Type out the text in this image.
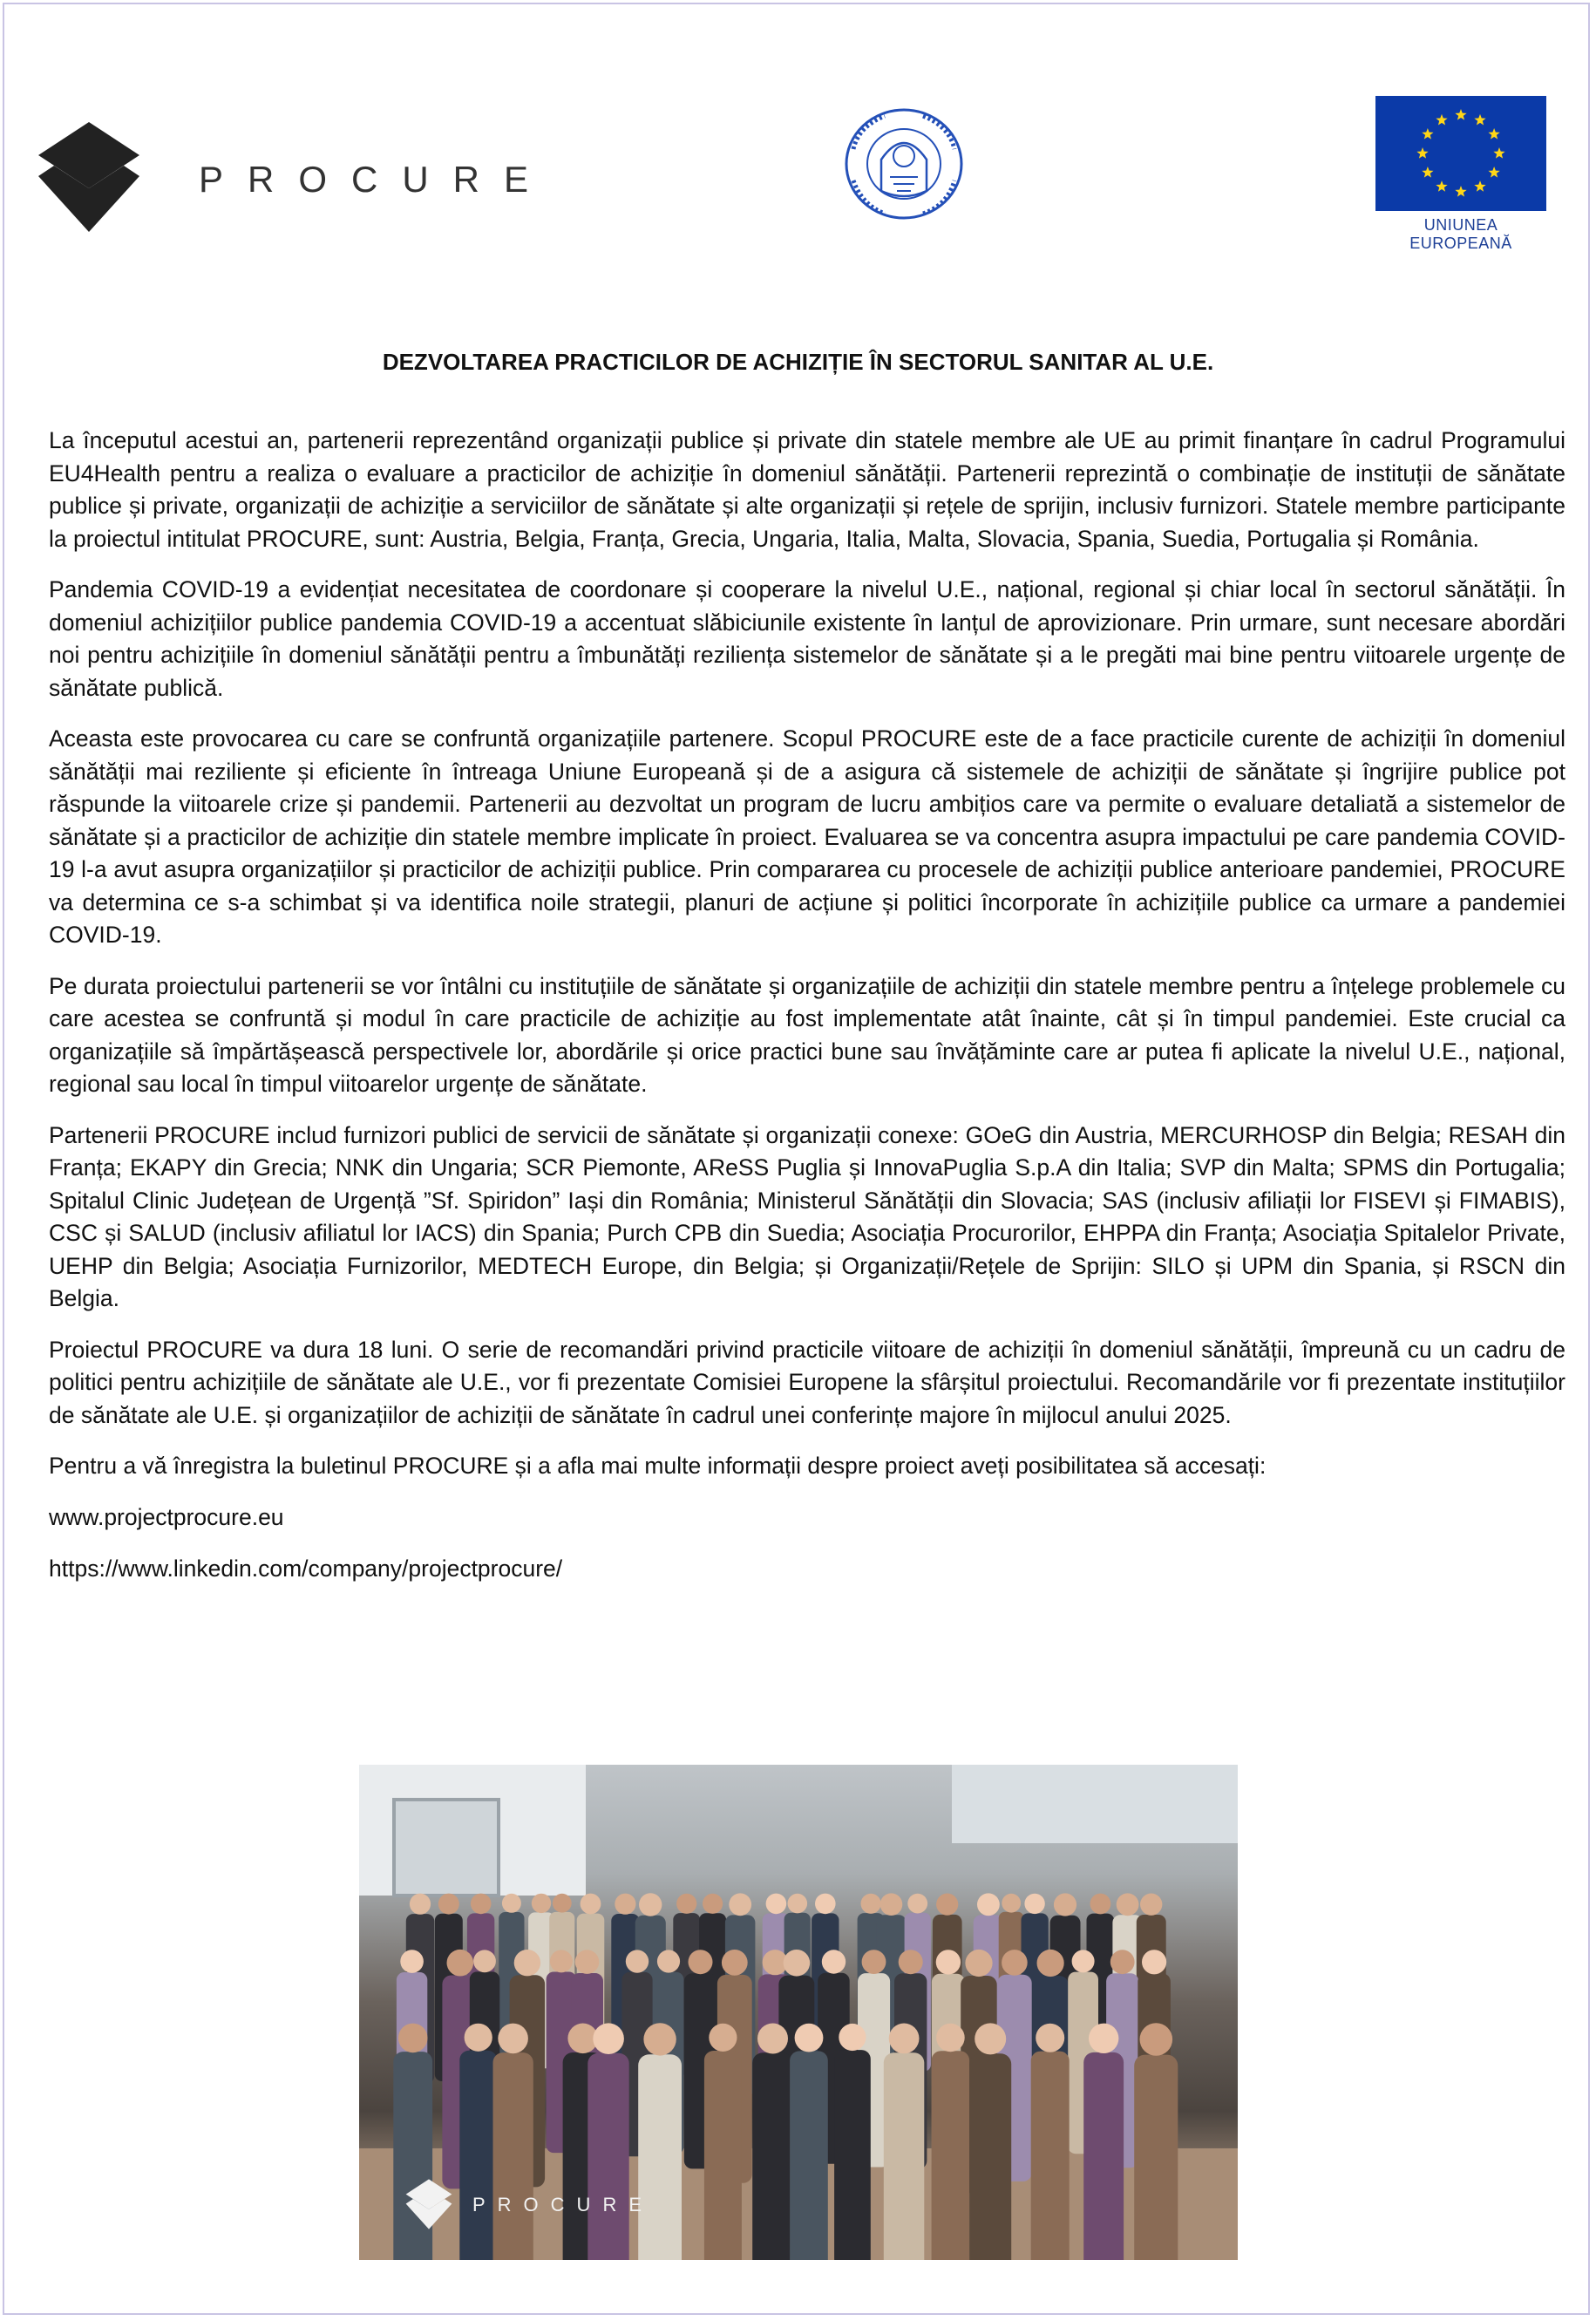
PROCURE
UNIUNEA EUROPEANĂ
DEZVOLTAREA PRACTICILOR DE ACHIZIȚIE ÎN SECTORUL SANITAR AL U.E.

La începutul acestui an, partenerii reprezentând organizații publice și private din statele membre ale UE au primit finanțare în cadrul Programului EU4Health pentru a realiza o evaluare a practicilor de achiziție în domeniul sănătății. Partenerii reprezintă o combinație de instituții de sănătate publice și private, organizații de achiziție a serviciilor de sănătate și alte organizații și rețele de sprijin, inclusiv furnizori. Statele membre participante la proiectul intitulat PROCURE, sunt: Austria, Belgia, Franța, Grecia, Ungaria, Italia, Malta, Slovacia, Spania, Suedia, Portugalia și România.

Pandemia COVID-19 a evidențiat necesitatea de coordonare și cooperare la nivelul U.E., național, regional și chiar local în sectorul sănătății. În domeniul achizițiilor publice pandemia COVID-19 a accentuat slăbiciunile existente în lanțul de aprovizionare. Prin urmare, sunt necesare abordări noi pentru achizițiile în domeniul sănătății pentru a îmbunătăți reziliența sistemelor de sănătate și a le pregăti mai bine pentru viitoarele urgențe de sănătate publică.

Aceasta este provocarea cu care se confruntă organizațiile partenere. Scopul PROCURE este de a face practicile curente de achiziții în domeniul sănătății mai reziliente și eficiente în întreaga Uniune Europeană și de a asigura că sistemele de achiziții de sănătate și îngrijire publice pot răspunde la viitoarele crize și pandemii. Partenerii au dezvoltat un program de lucru ambițios care va permite o evaluare detaliată a sistemelor de sănătate și a practicilor de achiziție din statele membre implicate în proiect. Evaluarea se va concentra asupra impactului pe care pandemia COVID-19 l-a avut asupra organizațiilor și practicilor de achiziții publice. Prin compararea cu procesele de achiziții publice anterioare pandemiei, PROCURE va determina ce s-a schimbat și va identifica noile strategii, planuri de acțiune și politici încorporate în achizițiile publice ca urmare a pandemiei COVID-19.

Pe durata proiectului partenerii se vor întâlni cu instituțiile de sănătate și organizațiile de achiziții din statele membre pentru a înțelege problemele cu care acestea se confruntă și modul în care practicile de achiziție au fost implementate atât înainte, cât și în timpul pandemiei. Este crucial ca organizațiile să împărtășească perspectivele lor, abordările și orice practici bune sau învățăminte care ar putea fi aplicate la nivelul U.E., național, regional sau local în timpul viitoarelor urgențe de sănătate.

Partenerii PROCURE includ furnizori publici de servicii de sănătate și organizații conexe: GOeG din Austria, MERCURHOSP din Belgia; RESAH din Franța; EKAPY din Grecia; NNK din Ungaria; SCR Piemonte, AReSS Puglia și InnovaPuglia S.p.A din Italia; SVP din Malta; SPMS din Portugalia; Spitalul Clinic Județean de Urgență ”Sf. Spiridon” Iași din România; Ministerul Sănătății din Slovacia; SAS (inclusiv afiliații lor FISEVI și FIMABIS), CSC și SALUD (inclusiv afiliatul lor IACS) din Spania; Purch CPB din Suedia; Asociația Procurorilor, EHPPA din Franța; Asociația Spitalelor Private, UEHP din Belgia; Asociația Furnizorilor, MEDTECH Europe, din Belgia; și Organizații/Rețele de Sprijin: SILO și UPM din Spania, și RSCN din Belgia.

Proiectul PROCURE va dura 18 luni. O serie de recomandări privind practicile viitoare de achiziții în domeniul sănătății, împreună cu un cadru de politici pentru achizițiile de sănătate ale U.E., vor fi prezentate Comisiei Europene la sfârșitul proiectului. Recomandările vor fi prezentate instituțiilor de sănătate ale U.E. și organizațiilor de achiziții de sănătate în cadrul unei conferințe majore în mijlocul anului 2025.

Pentru a vă înregistra la buletinul PROCURE și a afla mai multe informații despre proiect aveți posibilitatea să accesați:

www.projectprocure.eu

https://www.linkedin.com/company/projectprocure/

PROCURE
